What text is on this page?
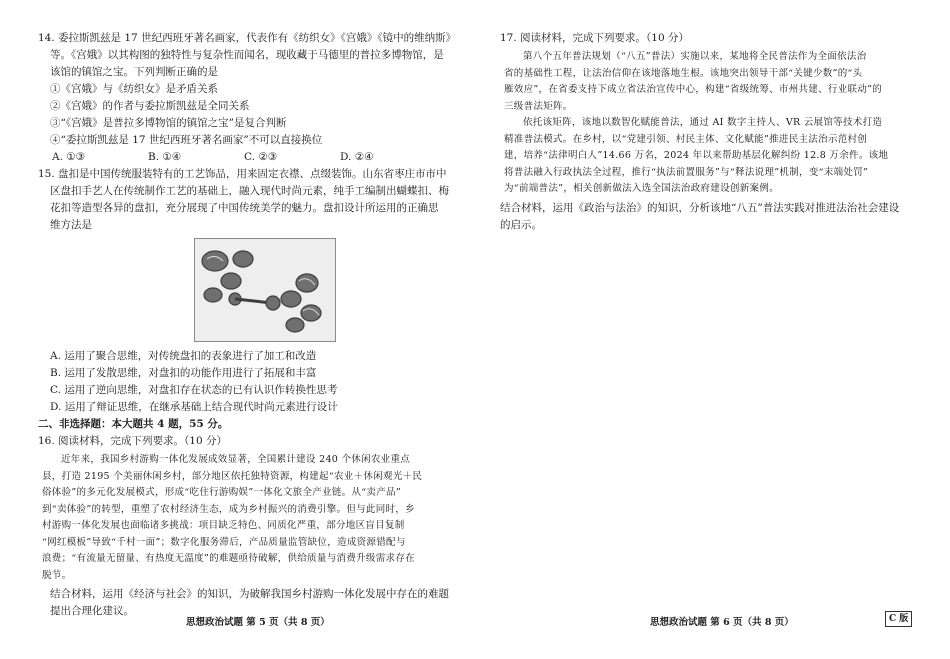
14. 委拉斯凯兹是 17 世纪西班牙著名画家，代表作有《纺织女》《宫娥》《镜中的维纳斯》

等。《宫娥》以其构图的独特性与复杂性而闻名，现收藏于马德里的普拉多博物馆，是

该馆的镇馆之宝。下列判断正确的是

①《宫娥》与《纺织女》是矛盾关系

②《宫娥》的作者与委拉斯凯兹是全同关系

③“《宫娥》是普拉多博物馆的镇馆之宝”是复合判断

④“委拉斯凯兹是 17 世纪西班牙著名画家”不可以直接换位

A. ①③	B. ①④	C. ②③	D. ②④

15. 盘扣是中国传统服装特有的工艺饰品，用来固定衣襟、点缀装饰。山东省枣庄市市中

区盘扣手艺人在传统制作工艺的基础上，融入现代时尚元素，纯手工编制出蝴蝶扣、梅

花扣等造型各异的盘扣，充分展现了中国传统美学的魅力。盘扣设计所运用的正确思

维方法是

A. 运用了聚合思维，对传统盘扣的表象进行了加工和改造

B. 运用了发散思维，对盘扣的功能作用进行了拓展和丰富

C. 运用了逆向思维，对盘扣存在状态的已有认识作转换性思考

D. 运用了辩证思维，在继承基础上结合现代时尚元素进行设计

二、非选择题：本大题共 4 题，55 分。

16. 阅读材料，完成下列要求。（10 分）

近年来，我国乡村游购一体化发展成效显著，全国累计建设 240 个休闲农业重点

县，打造 2195 个美丽休闲乡村，部分地区依托独特资源，构建起“农业＋休闲观光＋民

俗体验”的多元化发展模式，形成“吃住行游购娱”一体化文旅全产业链。从“卖产品”

到“卖体验”的转型，重塑了农村经济生态，成为乡村振兴的消费引擎。但与此同时，乡

村游购一体化发展也面临诸多挑战：项目缺乏特色、同质化严重，部分地区盲目复制

“网红模板”导致“千村一面”；数字化服务滞后，产品质量监管缺位，造成资源错配与

浪费；“有流量无留量、有热度无温度”的难题亟待破解，供给质量与消费升级需求存在

脱节。

结合材料，运用《经济与社会》的知识，为破解我国乡村游购一体化发展中存在的难题

提出合理化建议。

17. 阅读材料，完成下列要求。（10 分）

第八个五年普法规划（“八五”普法）实施以来，某地将全民普法作为全面依法治

省的基础性工程，让法治信仰在该地落地生根。该地突出领导干部“关键少数”的“头

雁效应”，在省委支持下成立省法治宣传中心，构建“省级统筹、市州共建、行业联动”的

三级普法矩阵。

依托该矩阵，该地以数智化赋能普法，通过 AI 数字主持人、VR 云展馆等技术打造

精准普法模式。在乡村，以“党建引领、村民主体、文化赋能”推进民主法治示范村创

建，培养“法律明白人”14.66 万名，2024 年以来帮助基层化解纠纷 12.8 万余件。该地

将普法融入行政执法全过程，推行“执法前置服务”与“释法说理”机制，变“末端处罚”

为“前端普法”，相关创新做法入选全国法治政府建设创新案例。

结合材料，运用《政治与法治》的知识，分析该地“八五”普法实践对推进法治社会建设

的启示。

思想政治试题 第 5 页（共 8 页）	思想政治试题 第 6 页（共 8 页）	C 版
